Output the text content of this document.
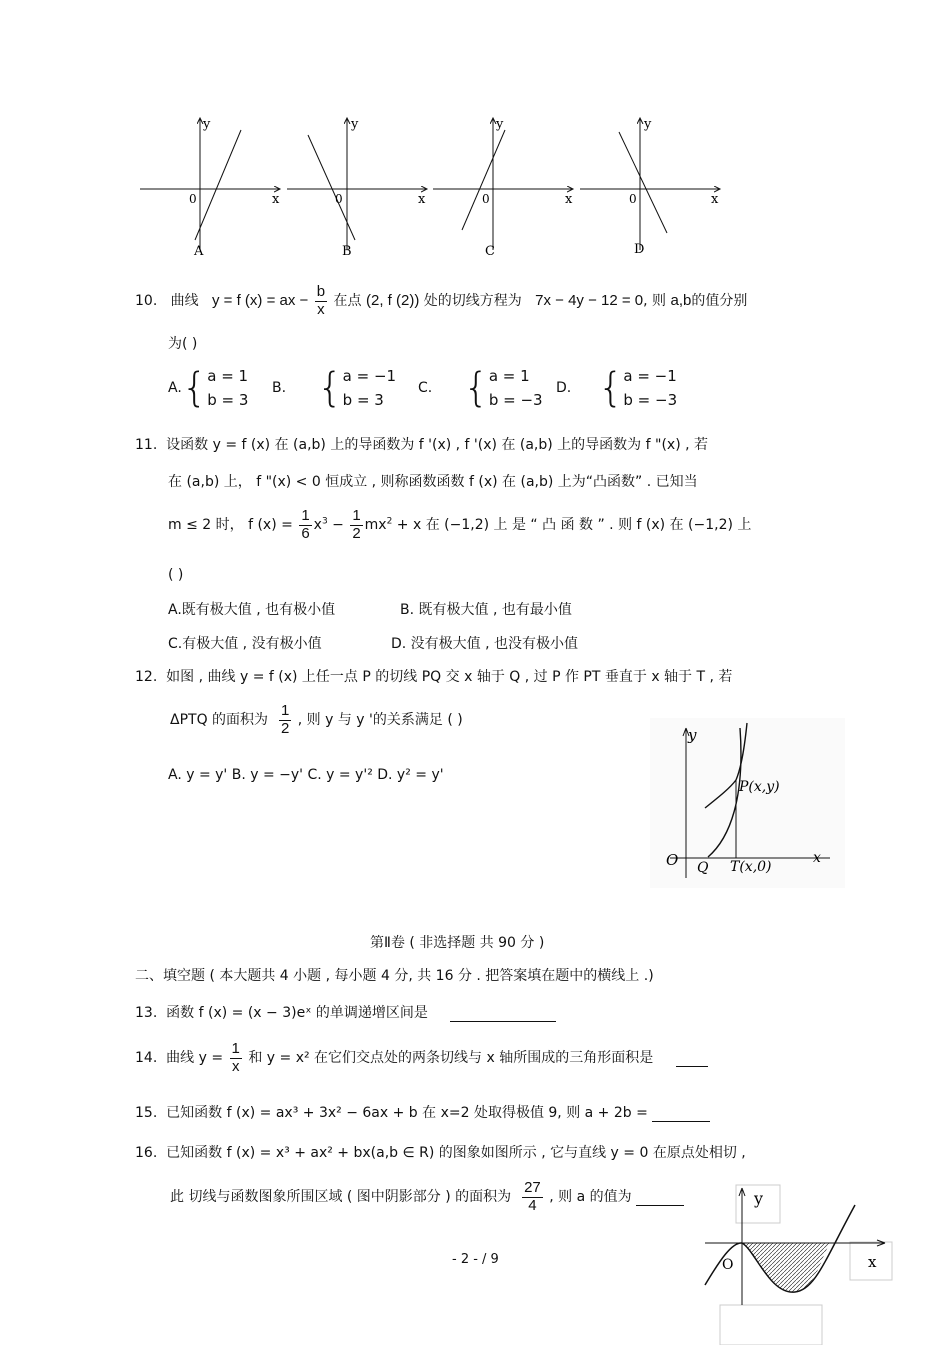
y
x
0
A
y
x
0
B
y
x
0
C
y
x
0
D
10. 曲线 y = f (x) = ax − $\frac{b}{x}$ 在点 (2, f (2)) 处的切线方程为 7x − 4y − 12 = 0, 则 a,b的值分别
为( )
A.{a = 1
b = 3
B. {a = −1
b = 3
C. {a = 1
b = −3
D. {a = −1
b = −3
11. 设函数 y = f (x) 在 (a,b) 上的导函数为 f '(x) , f '(x) 在 (a,b) 上的导函数为 f "(x) , 若
在 (a,b) 上， f "(x) < 0 恒成立 , 则称函数函数 f (x) 在 (a,b) 上为“凸函数” . 已知当
m ≤ 2 时， f $(x) = \frac{1}{6} x^3 - \frac{1}{2} mx^2 + x$ 在 (−1,2) 上 是 “ 凸 函 数 ” . 则 f (x) 在 (−1,2) 上
( )
A.既有极大值 , 也有极小值	B. 既有极大值 , 也有最小值
C.有极大值 , 没有极小值	D. 没有极大值 , 也没有极小值
12. 如图 , 曲线 y = f (x) 上任一点 P 的切线 PQ 交 x 轴于 Q , 过 P 作 PT 垂直于 x 轴于 T , 若
ΔPTQ 的面积为 $\frac{1}{2}$ , 则 y 与 y '的关系满足 ( )
A. y = y' B. y = −y' C. y = y'² D. y² = y'
y
P(x,y)
O Q T(x,0)
x
第Ⅱ卷 ( 非选择题 共 90 分 )
二、填空题 ( 本大题共 4 小题 , 每小题 4 分, 共 16 分 . 把答案填在题中的横线上 .)
13. 函数 f (x) = (x − 3)eˣ 的单调递增区间是
14. 曲线 $y = \frac{1}{x}$ 和 y = x² 在它们交点处的两条切线与 x 轴所围成的三角形面积是
15. 已知函数 f (x) = ax³ + 3x² − 6ax + b 在 x=2 处取得极值 9, 则 a + 2b =
16. 已知函数 f (x) = x³ + ax² + bx(a,b ∈ R) 的图象如图所示 , 它与直线 y = 0 在原点处相切 ,
此 切线与函数图象所围区域 ( 图中阴影部分 ) 的面积为 $\frac{27}{4}$ , 则 a 的值为	y
x
O
- 2 - / 9
